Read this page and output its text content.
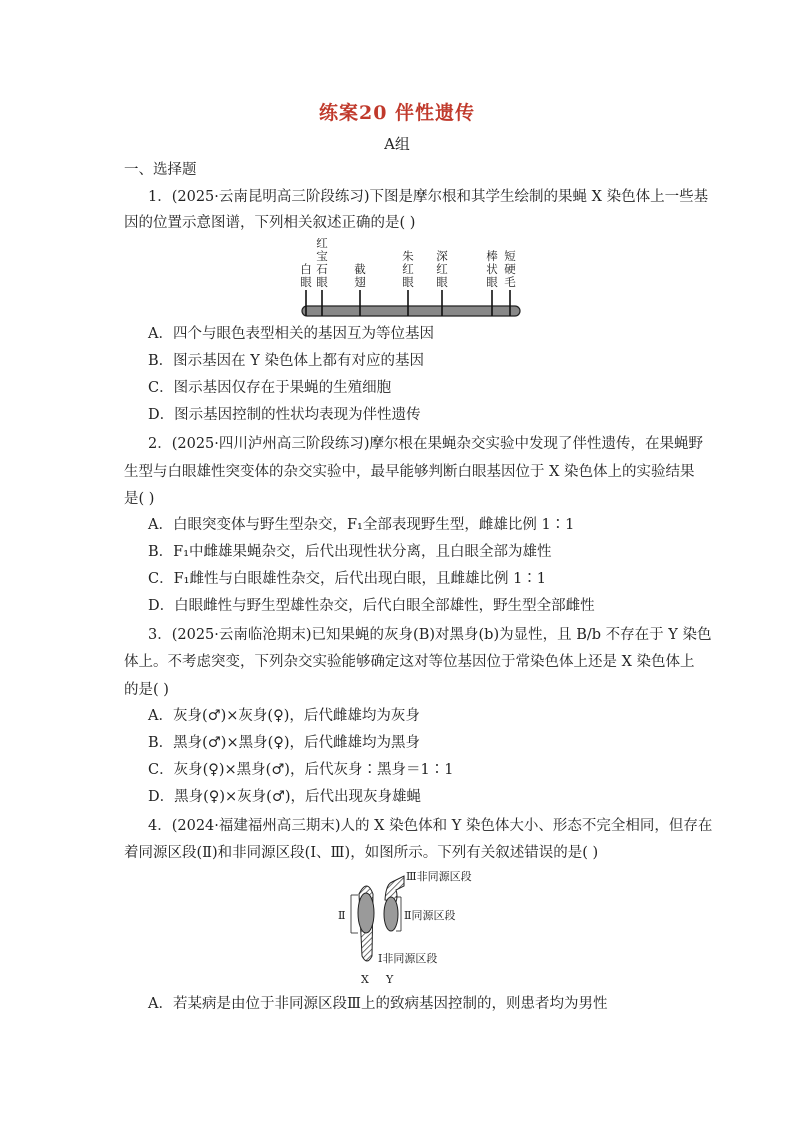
练案20 伴性遗传
A组
一、选择题
1．(2025·云南昆明高三阶段练习)下图是摩尔根和其学生绘制的果蝇 X 染色体上一些基
因的位置示意图谱，下列相关叙述正确的是( )
白
眼
红
宝
石
眼
截
翅
朱
红
眼
深
红
眼
棒
状
眼
短
硬
毛
A．四个与眼色表型相关的基因互为等位基因
B．图示基因在 Y 染色体上都有对应的基因
C．图示基因仅存在于果蝇的生殖细胞
D．图示基因控制的性状均表现为伴性遗传
2．(2025·四川泸州高三阶段练习)摩尔根在果蝇杂交实验中发现了伴性遗传，在果蝇野
生型与白眼雄性突变体的杂交实验中，最早能够判断白眼基因位于 X 染色体上的实验结果
是( )
A．白眼突变体与野生型杂交，F₁全部表现野生型，雌雄比例 1∶1
B．F₁中雌雄果蝇杂交，后代出现性状分离，且白眼全部为雄性
C．F₁雌性与白眼雄性杂交，后代出现白眼，且雌雄比例 1∶1
D．白眼雌性与野生型雄性杂交，后代白眼全部雄性，野生型全部雌性
3．(2025·云南临沧期末)已知果蝇的灰身(B)对黑身(b)为显性，且 B/b 不存在于 Y 染色
体上。不考虑突变，下列杂交实验能够确定这对等位基因位于常染色体上还是 X 染色体上
的是( )
A．灰身(♂)×灰身(♀)，后代雌雄均为灰身
B．黑身(♂)×黑身(♀)，后代雌雄均为黑身
C．灰身(♀)×黑身(♂)，后代灰身∶黑身＝1∶1
D．黑身(♀)×灰身(♂)，后代出现灰身雄蝇
4．(2024·福建福州高三期末)人的 X 染色体和 Y 染色体大小、形态不完全相同，但存在
着同源区段(Ⅱ)和非同源区段(Ⅰ、Ⅲ)，如图所示。下列有关叙述错误的是( )
Ⅲ非同源区段
Ⅱ	Ⅱ同源区段
Ⅰ非同源区段
X Y
A．若某病是由位于非同源区段Ⅲ上的致病基因控制的，则患者均为男性
